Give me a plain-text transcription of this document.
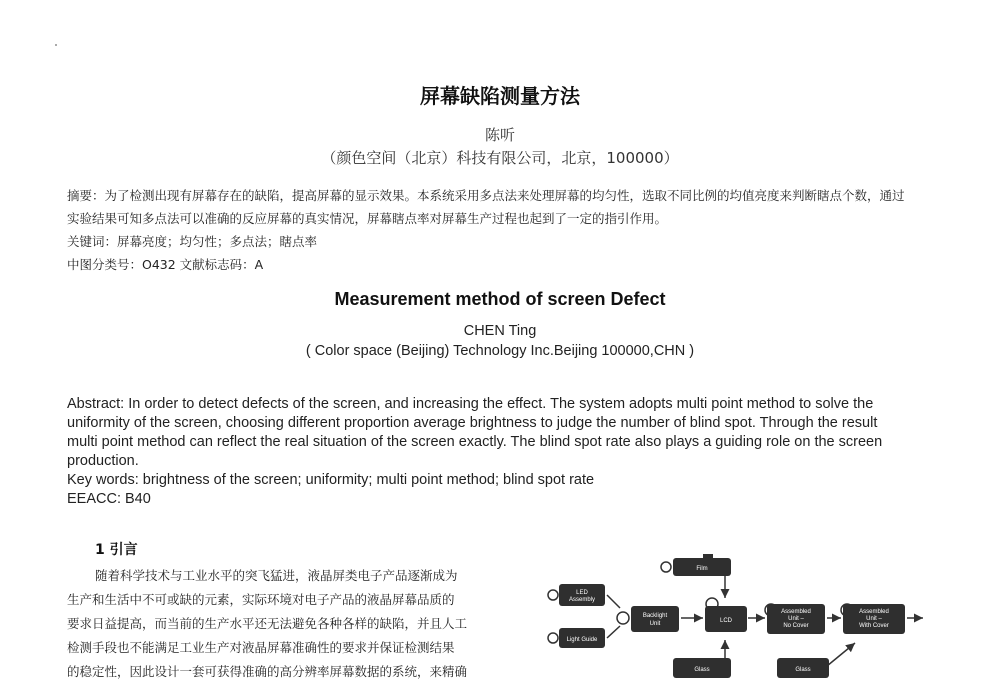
屏幕缺陷测量方法
陈听
（颜色空间（北京）科技有限公司，北京，100000）
摘要：为了检测出现有屏幕存在的缺陷，提高屏幕的显示效果。本系统采用多点法来处理屏幕的均匀性，选取不同比例的均值亮度来判断瞎点个数，通过
实验结果可知多点法可以准确的反应屏幕的真实情况，屏幕瞎点率对屏幕生产过程也起到了一定的指引作用。
关键词：屏幕亮度；均匀性；多点法；瞎点率
中图分类号：O432 文献标志码：A
Measurement method of screen Defect
CHEN Ting
( Color space (Beijing) Technology Inc.Beijing 100000,CHN )
Abstract: In order to detect defects of the screen, and increasing the effect. The system adopts multi point method to solve the
uniformity of the screen, choosing different proportion average brightness to judge the number of blind spot. Through the result
multi point method can reflect the real situation of the screen exactly. The blind spot rate also plays a guiding role on the screen
production.
Key words: brightness of the screen; uniformity; multi point method; blind spot rate
EEACC: B40
1 引言
随着科学技术与工业水平的突飞猛进，液晶屏类电子产品逐渐成为
生产和生活中不可或缺的元素，实际环境对电子产品的液晶屏幕品质的
要求日益提高，而当前的生产水平还无法避免各种各样的缺陷，并且人工
检测手段也不能满足工业生产对液晶屏幕准确性的要求并保证检测结果
的稳定性，因此设计一套可获得准确的高分辨率屏幕数据的系统，来精确
LED
Assembly
Light Guide
Backlight
Unit
Film
LCD
Glass
Assembled
Unit –
No Cover
Assembled
Unit –
With Cover
Glass
